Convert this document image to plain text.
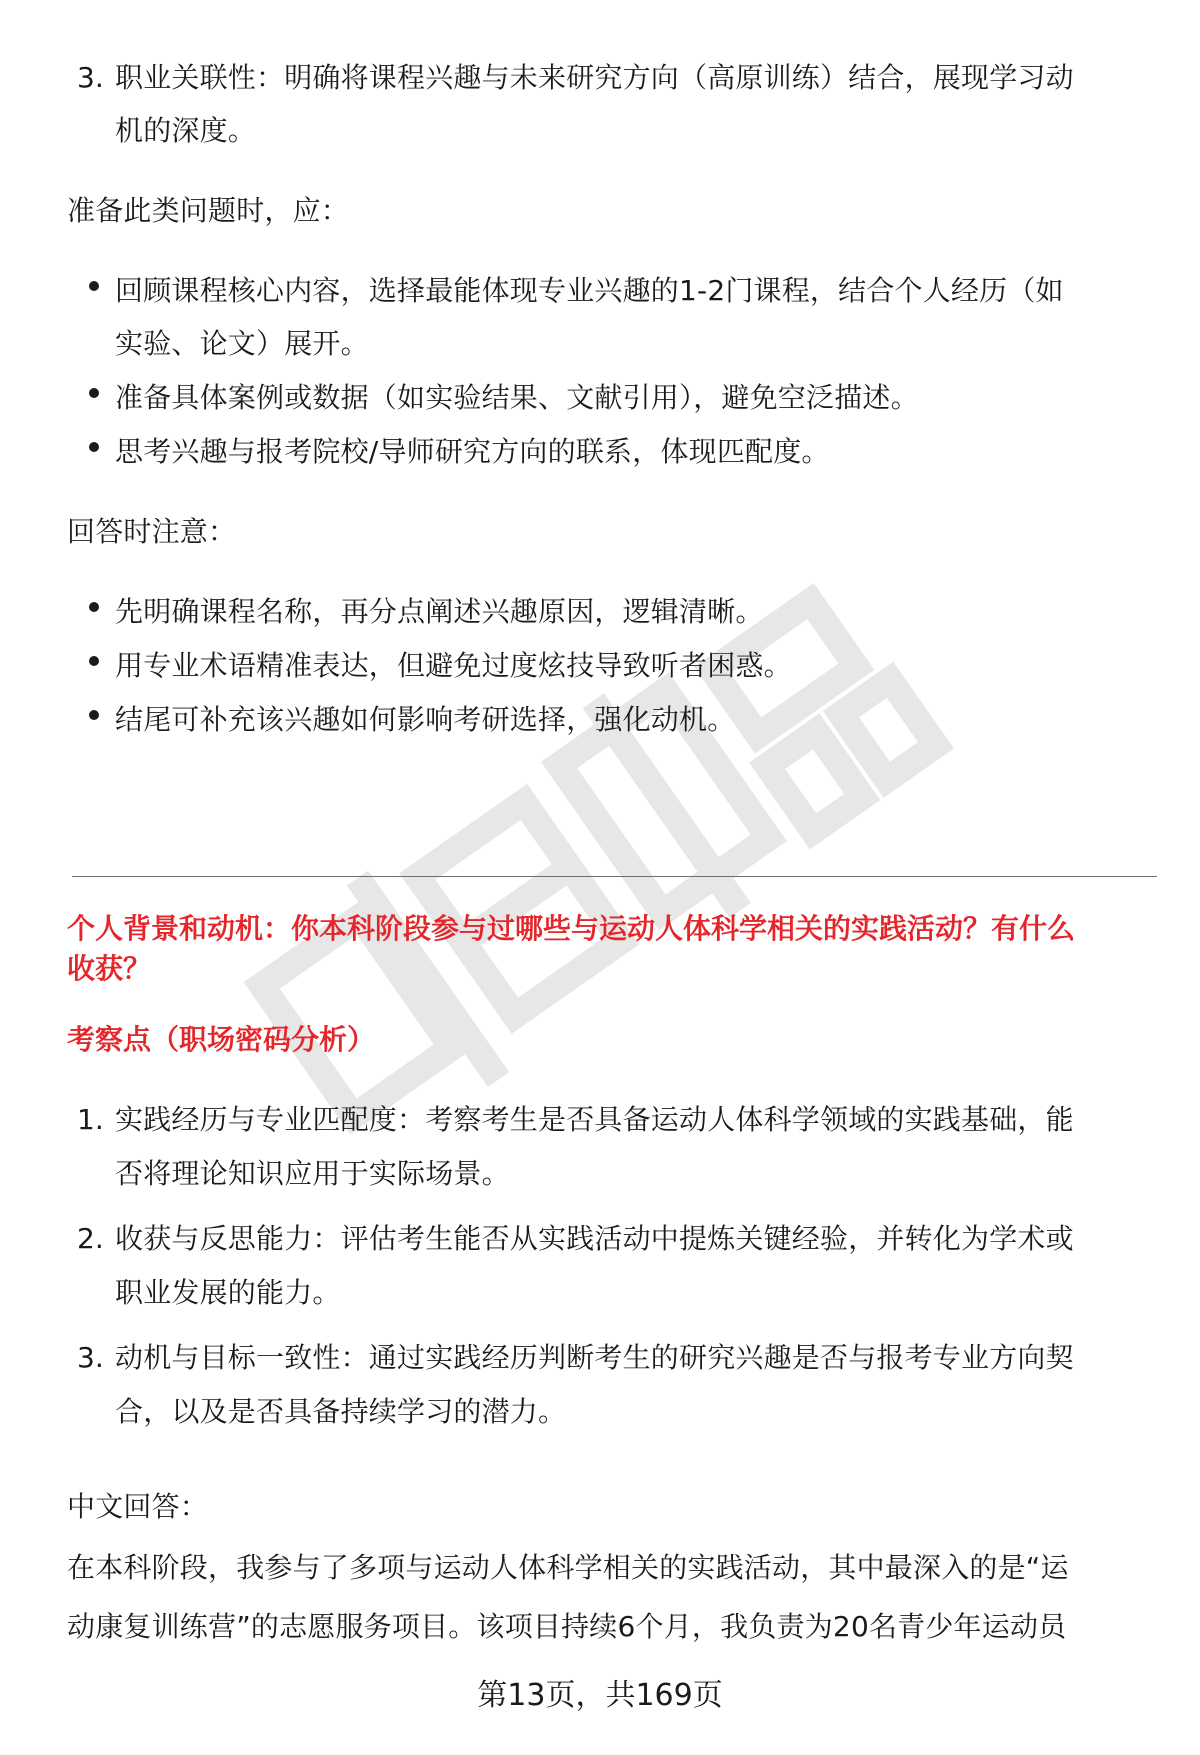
3. 职业关联性：明确将课程兴趣与未来研究方向（高原训练）结合，展现学习动
机的深度。
准备此类问题时，应：
回顾课程核心内容，选择最能体现专业兴趣的1-2门课程，结合个人经历（如
实验、论文）展开。
准备具体案例或数据（如实验结果、文献引用），避免空泛描述。
思考兴趣与报考院校/导师研究方向的联系，体现匹配度。
回答时注意：
先明确课程名称，再分点阐述兴趣原因，逻辑清晰。
用专业术语精准表达，但避免过度炫技导致听者困惑。
结尾可补充该兴趣如何影响考研选择，强化动机。
个人背景和动机：你本科阶段参与过哪些与运动人体科学相关的实践活动？有什么
收获？
考察点（职场密码分析）
1. 实践经历与专业匹配度：考察考生是否具备运动人体科学领域的实践基础，能
否将理论知识应用于实际场景。
2. 收获与反思能力：评估考生能否从实践活动中提炼关键经验，并转化为学术或
职业发展的能力。
3. 动机与目标一致性：通过实践经历判断考生的研究兴趣是否与报考专业方向契
合，以及是否具备持续学习的潜力。
中文回答：
在本科阶段，我参与了多项与运动人体科学相关的实践活动，其中最深入的是“运
动康复训练营”的志愿服务项目。该项目持续6个月，我负责为20名青少年运动员
第13页，共169页
